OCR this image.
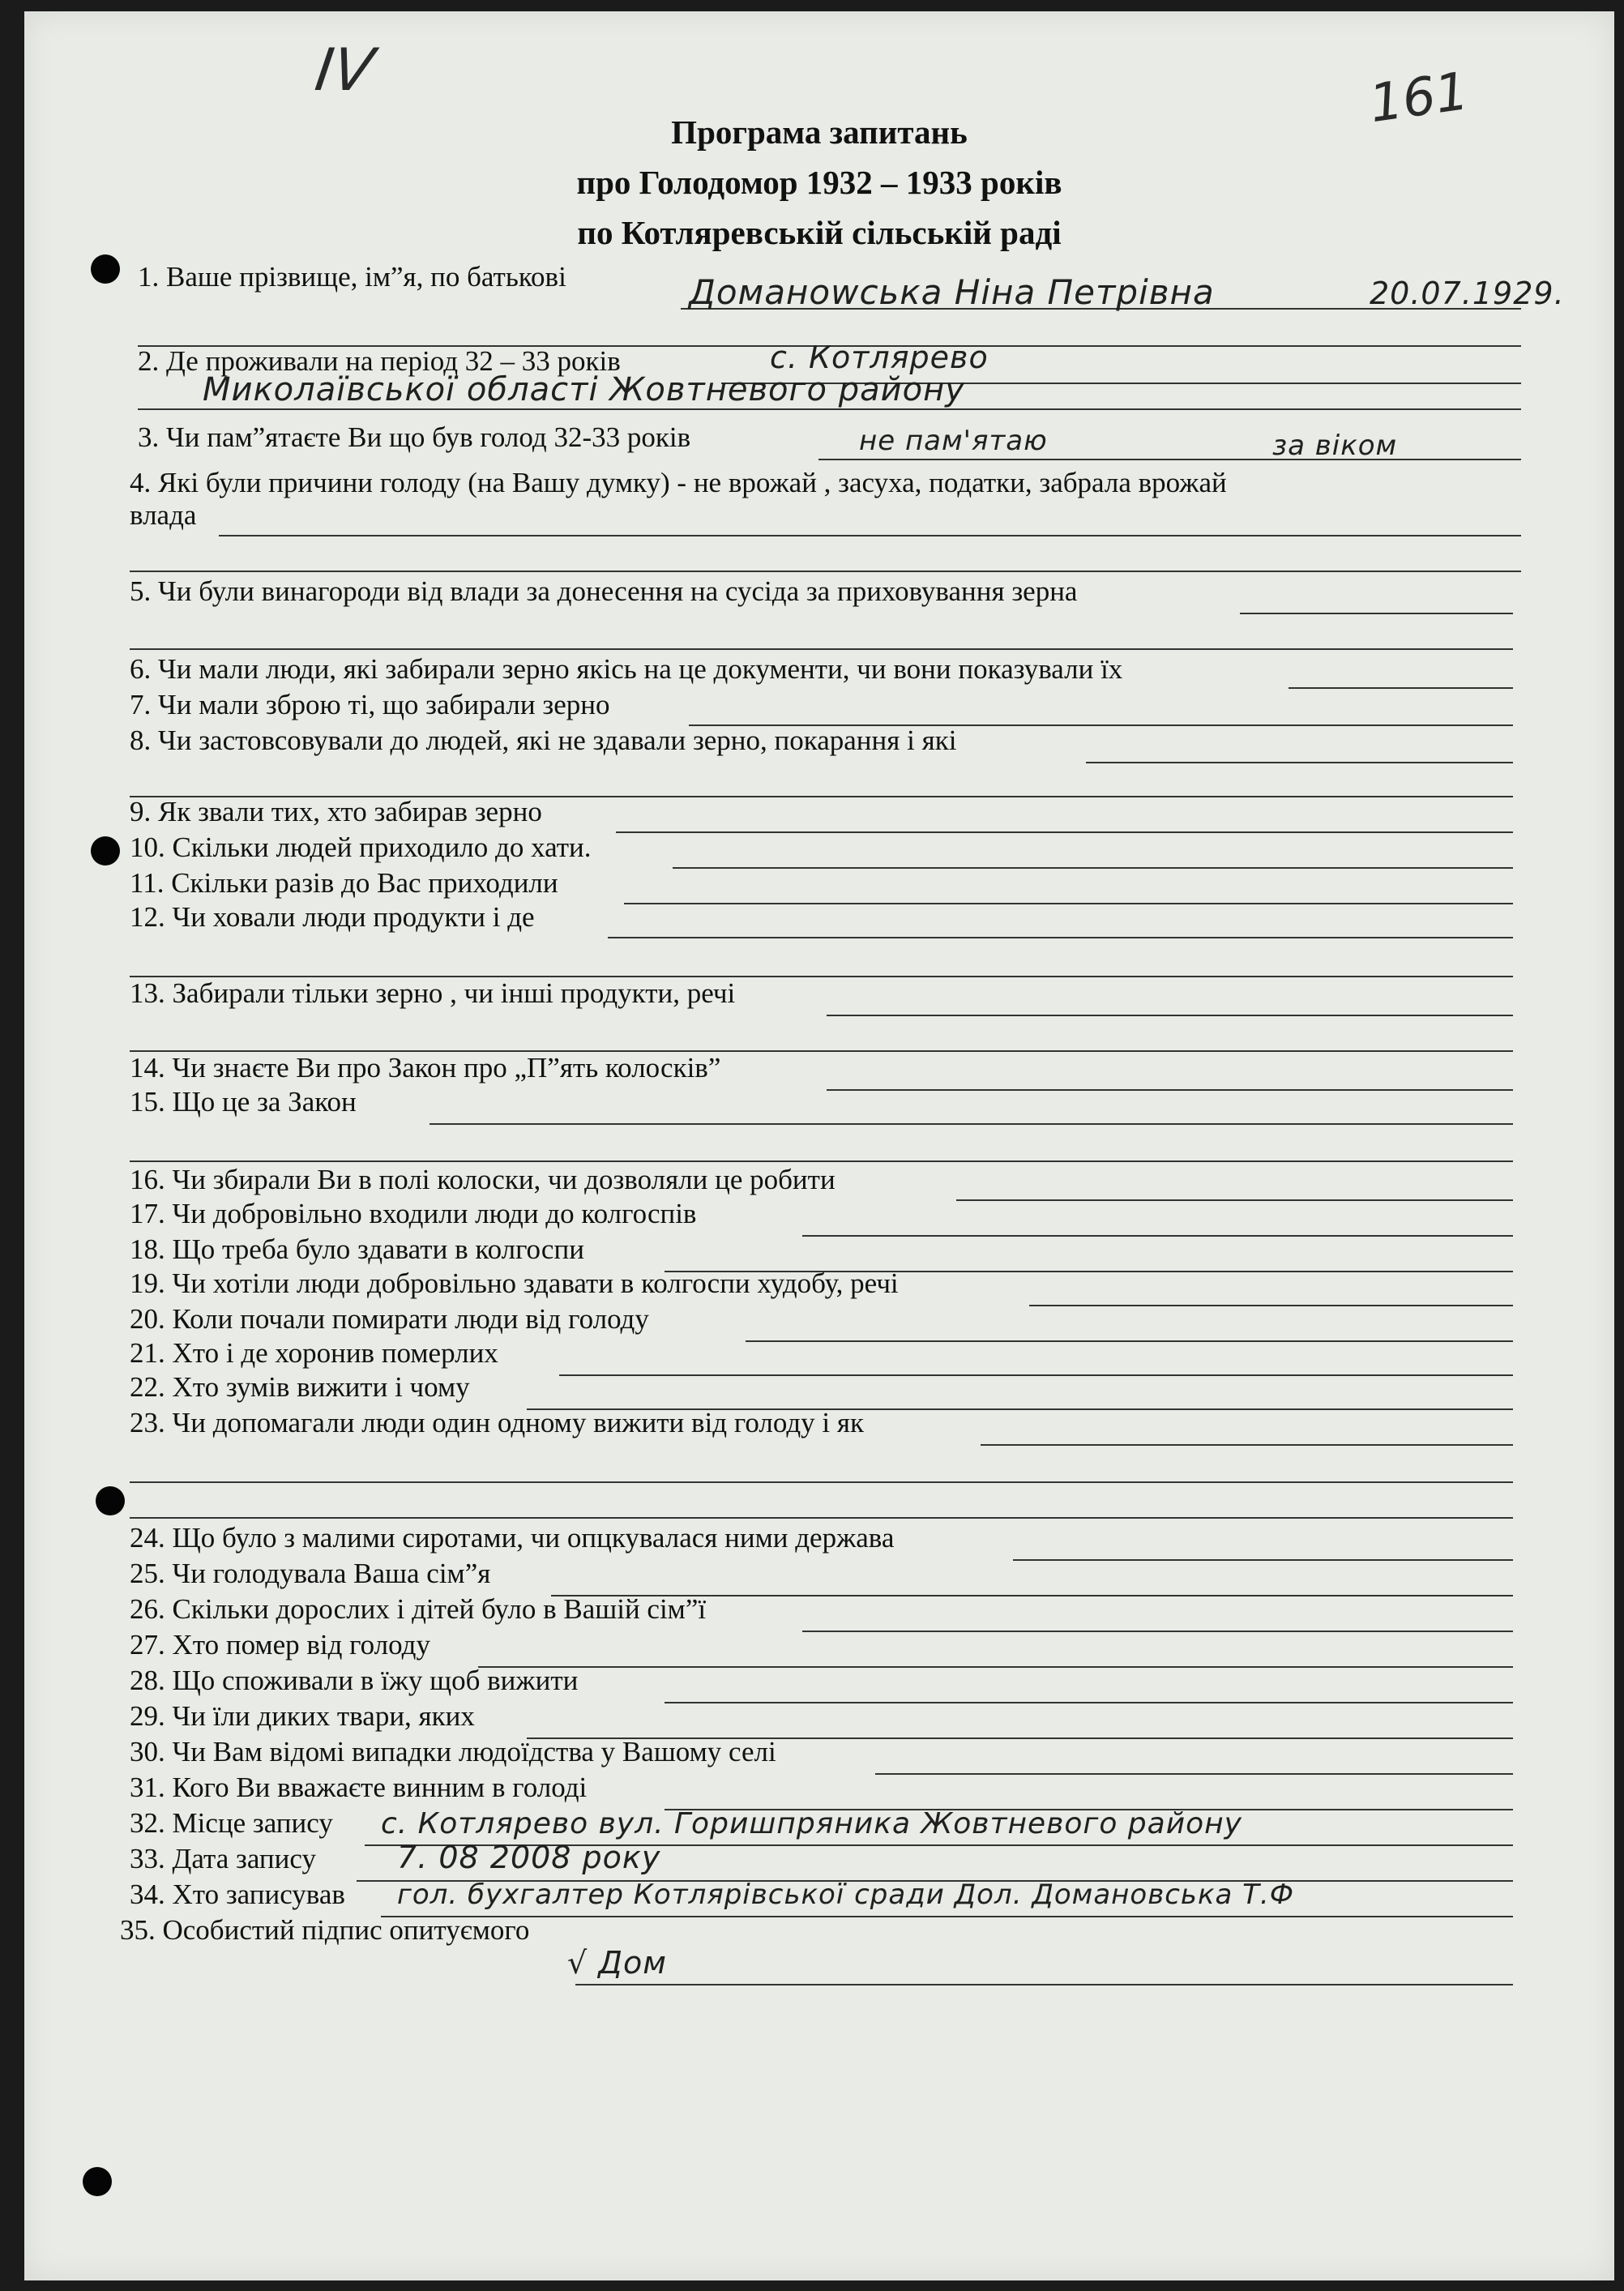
IV	161
Програма запитань
про Голодомор 1932 – 1933 років
по Котляревській сільській раді
1. Ваше прізвище, ім”я, по батькові	Доманowська Ніна Петрівна	20.07.1929.
2. Де проживали на період 32 – 33 років	с. Котлярево
Миколаївської області Жовтневого району
3. Чи пам”ятаєте Ви що був голод 32-33 років	не пам'ятаю	за віком
4. Які були причини голоду (на Вашу думку) - не врожай , засуха, податки, забрала врожай
влада
5. Чи були винагороди від влади за донесення на сусіда за приховування зерна
6. Чи мали люди, які забирали зерно якісь на це документи, чи вони показували їх
7. Чи мали зброю ті, що забирали зерно
8. Чи застовсовували до людей, які не здавали зерно, покарання і які
9. Як звали тих, хто забирав зерно
10. Скільки людей приходило до хати.
11. Скільки разів до Вас приходили
12. Чи ховали люди продукти і де
13. Забирали тільки зерно , чи інші продукти, речі
14. Чи знаєте Ви про Закон про „П”ять колосків”
15. Що це за Закон
16. Чи збирали Ви в полі колоски, чи дозволяли це робити
17. Чи добровільно входили люди до колгоспів
18. Що треба було здавати в колгоспи
19. Чи хотіли люди добровільно здавати в колгоспи худобу, речі
20. Коли почали помирати люди від голоду
21. Хто і де хоронив померлих
22. Хто зумів вижити і чому
23. Чи допомагали люди один одному вижити від голоду і як
24. Що було з малими сиротами, чи опцкувалася ними держава
25. Чи голодувала Ваша сім”я
26. Скільки дорослих і дітей було в Вашій сім”ї
27. Хто помер від голоду
28. Що споживали в їжу щоб вижити
29. Чи їли диких твари, яких
30. Чи Вам відомі випадки людоїдства у Вашому селі
31. Кого Ви вважаєте винним в голоді
32. Місце запису с. Котлярево вул. Горишпряника Жовтневого району
33. Дата запису	7. 08 2008 року
34. Хто записував гол. бухгалтер Котлярівської сради Дол. Домановська Т.Ф
35. Особистий підпис опитуємого
√ Дом
